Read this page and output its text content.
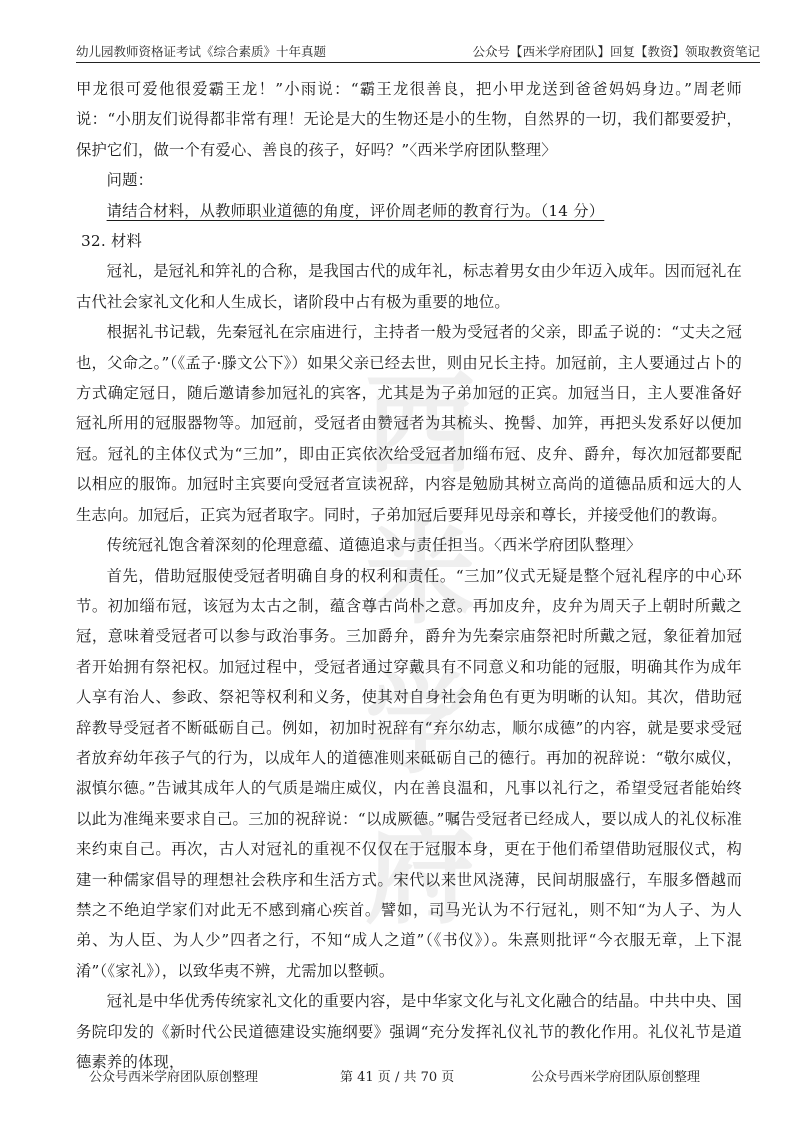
幼儿园教师资格证考试《综合素质》十年真题	公众号【西米学府团队】回复【教资】领取教资笔记
西米学府

甲龙很可爱他很爱霸王龙！”小雨说：“霸王龙很善良，把小甲龙送到爸爸妈妈身边。”周老师说：“小朋友们说得都非常有理！无论是大的生物还是小的生物，自然界的一切，我们都要爱护，保护它们，做一个有爱心、善良的孩子，好吗？”〈西米学府团队整理〉

问题：

请结合材料，从教师职业道德的角度，评价周老师的教育行为。（14 分）

32. 材料

冠礼，是冠礼和笄礼的合称，是我国古代的成年礼，标志着男女由少年迈入成年。因而冠礼在古代社会家礼文化和人生成长，诸阶段中占有极为重要的地位。

根据礼书记载，先秦冠礼在宗庙进行，主持者一般为受冠者的父亲，即孟子说的：“丈夫之冠也，父命之。”（《孟子·滕文公下》）如果父亲已经去世，则由兄长主持。加冠前，主人要通过占卜的方式确定冠日，随后邀请参加冠礼的宾客，尤其是为子弟加冠的正宾。加冠当日，主人要准备好冠礼所用的冠服器物等。加冠前，受冠者由赞冠者为其梳头、挽髻、加笄，再把头发系好以便加冠。冠礼的主体仪式为“三加”，即由正宾依次给受冠者加缁布冠、皮弁、爵弁，每次加冠都要配以相应的服饰。加冠时主宾要向受冠者宣读祝辞，内容是勉励其树立高尚的道德品质和远大的人生志向。加冠后，正宾为冠者取字。同时，子弟加冠后要拜见母亲和尊长，并接受他们的教诲。

传统冠礼饱含着深刻的伦理意蕴、道德追求与责任担当。〈西米学府团队整理〉

首先，借助冠服使受冠者明确自身的权利和责任。“三加”仪式无疑是整个冠礼程序的中心环节。初加缁布冠，该冠为太古之制，蕴含尊古尚朴之意。再加皮弁，皮弁为周天子上朝时所戴之冠，意味着受冠者可以参与政治事务。三加爵弁，爵弁为先秦宗庙祭祀时所戴之冠，象征着加冠者开始拥有祭祀权。加冠过程中，受冠者通过穿戴具有不同意义和功能的冠服，明确其作为成年人享有治人、参政、祭祀等权利和义务，使其对自身社会角色有更为明晰的认知。其次，借助冠辞教导受冠者不断砥砺自己。例如，初加时祝辞有“弃尔幼志，顺尔成德”的内容，就是要求受冠者放弃幼年孩子气的行为，以成年人的道德准则来砥砺自己的德行。再加的祝辞说：“敬尔威仪，淑慎尔德。”告诫其成年人的气质是端庄威仪，内在善良温和，凡事以礼行之，希望受冠者能始终以此为准绳来要求自己。三加的祝辞说：“以成厥德。”嘱告受冠者已经成人，要以成人的礼仪标准来约束自己。再次，古人对冠礼的重视不仅仅在于冠服本身，更在于他们希望借助冠服仪式，构建一种儒家倡导的理想社会秩序和生活方式。宋代以来世风浇薄，民间胡服盛行，车服多僭越而禁之不绝迫学家们对此无不感到痛心疾首。譬如，司马光认为不行冠礼，则不知“为人子、为人弟、为人臣、为人少”四者之行，不知“成人之道”（《书仪》）。朱熹则批评“今衣服无章，上下混淆”（《家礼》），以致华夷不辨，尤需加以整顿。

冠礼是中华优秀传统家礼文化的重要内容，是中华家文化与礼文化融合的结晶。中共中央、国务院印发的《新时代公民道德建设实施纲要》强调“充分发挥礼仪礼节的教化作用。礼仪礼节是道德素养的体现，

公众号西米学府团队原创整理	第 41 页 / 共 70 页	公众号西米学府团队原创整理
